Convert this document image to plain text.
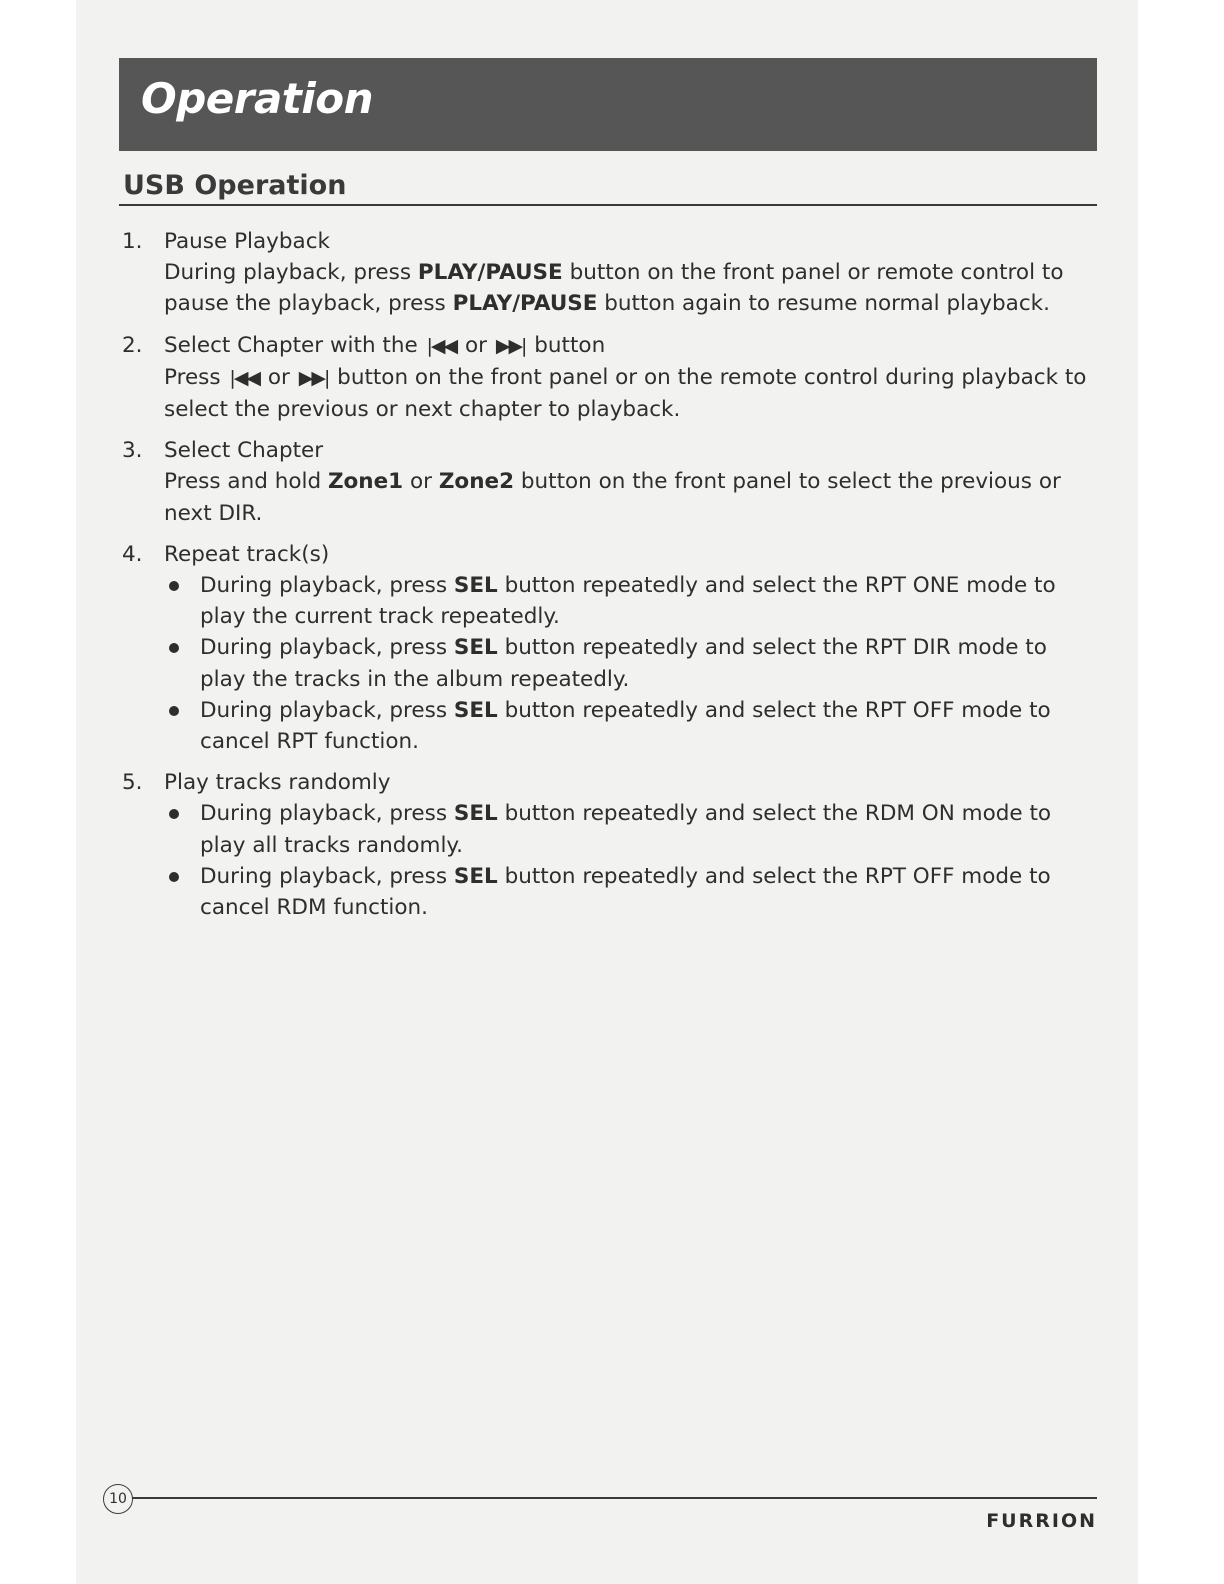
Operation
USB Operation
1. Pause Playback
During playback, press PLAY/PAUSE button on the front panel or remote control to pause the playback, press PLAY/PAUSE button again to resume normal playback.
2. Select Chapter with the |◀◀ or ▶▶| button
Press |◀◀ or ▶▶| button on the front panel or on the remote control during playback to select the previous or next chapter to playback.
3. Select Chapter
Press and hold Zone1 or Zone2 button on the front panel to select the previous or next DIR.
4. Repeat track(s)
During playback, press SEL button repeatedly and select the RPT ONE mode to play the current track repeatedly.
During playback, press SEL button repeatedly and select the RPT DIR mode to play the tracks in the album repeatedly.
During playback, press SEL button repeatedly and select the RPT OFF mode to cancel RPT function.
5. Play tracks randomly
During playback, press SEL button repeatedly and select the RDM ON mode to play all tracks randomly.
During playback, press SEL button repeatedly and select the RPT OFF mode to cancel RDM function.
10
FURRION
